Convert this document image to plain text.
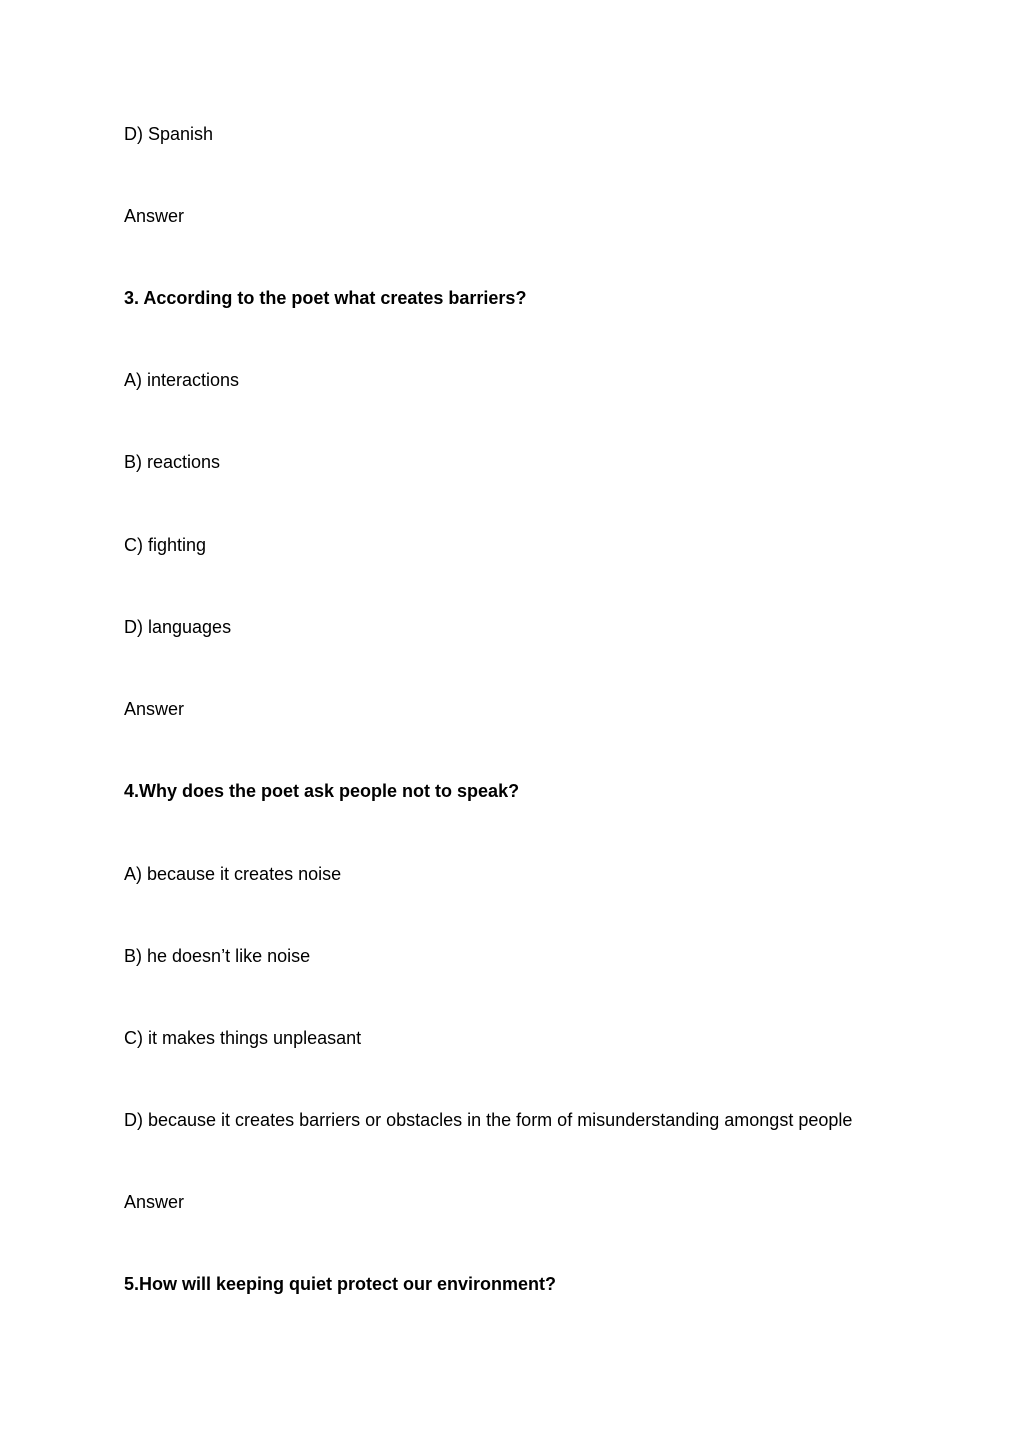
D) Spanish
Answer
3. According to the poet what creates barriers?
A) interactions
B) reactions
C) fighting
D) languages
Answer
4.Why does the poet ask people not to speak?
A) because it creates noise
B) he doesn’t like noise
C) it makes things unpleasant
D) because it creates barriers or obstacles in the form of misunderstanding amongst people
Answer
5.How will keeping quiet protect our environment?
